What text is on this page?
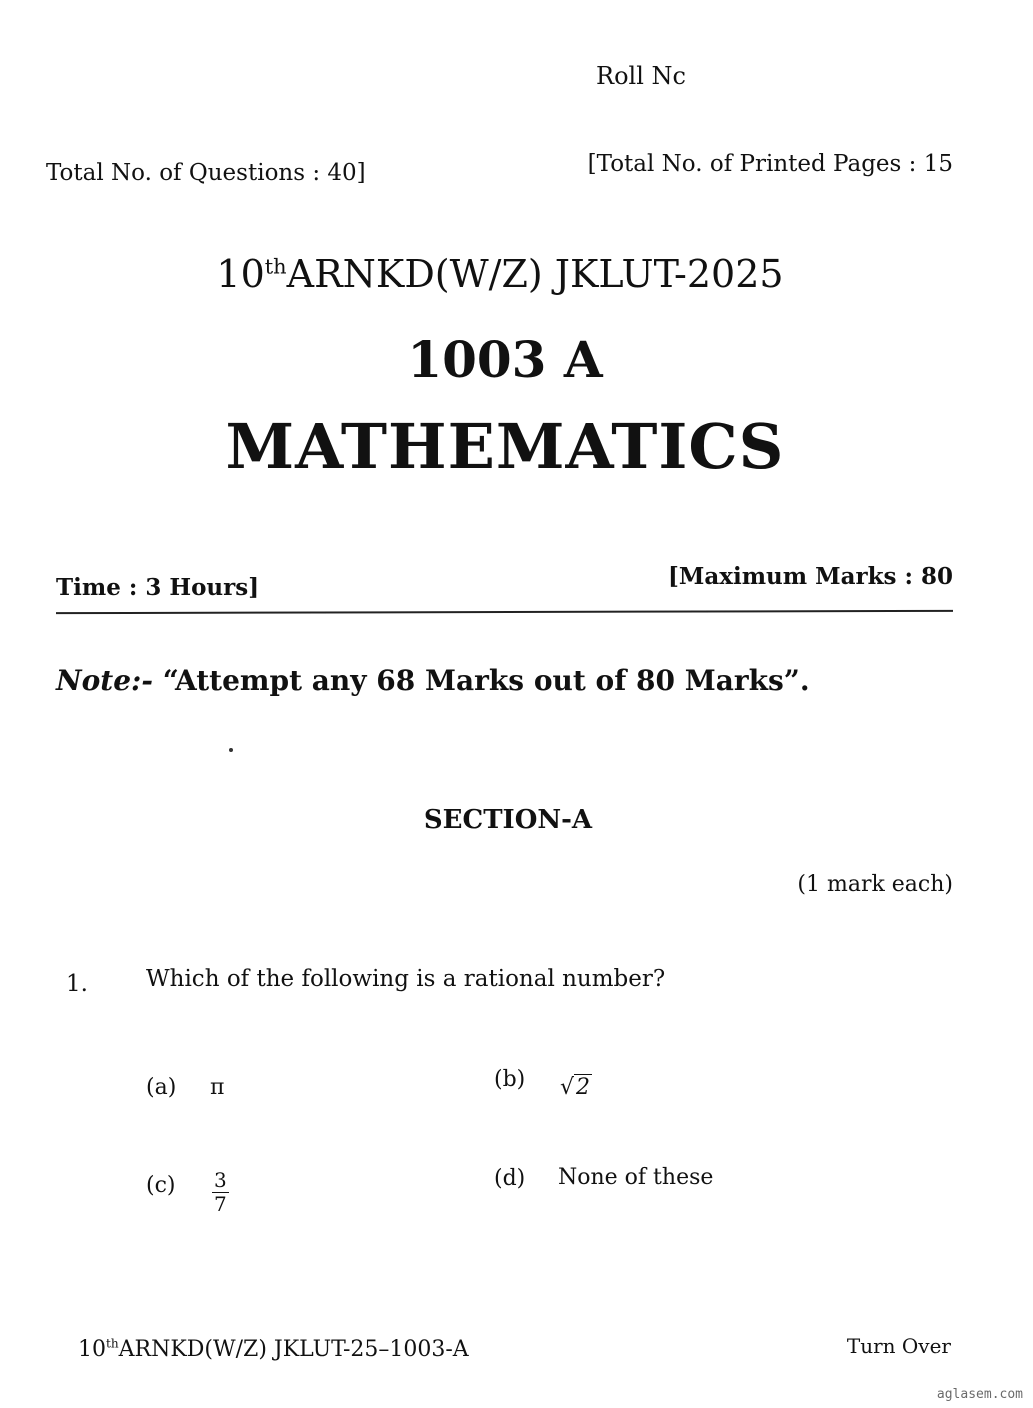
Roll Nc
Total No. of Questions : 40]	[Total No. of Printed Pages : 15
10thARNKD(W/Z) JKLUT-2025
1003 A
MATHEMATICS
Time : 3 Hours]	[Maximum Marks : 80
Note:- “Attempt any 68 Marks out of 80 Marks”.
SECTION-A
(1 mark each)
1.	Which of the following is a rational number?
(a) π	(b) √2
$(c) \frac{3}{7}$	(d) None of these
10thARNKD(W/Z) JKLUT-25–1003-A	Turn Over
aglasem.com
